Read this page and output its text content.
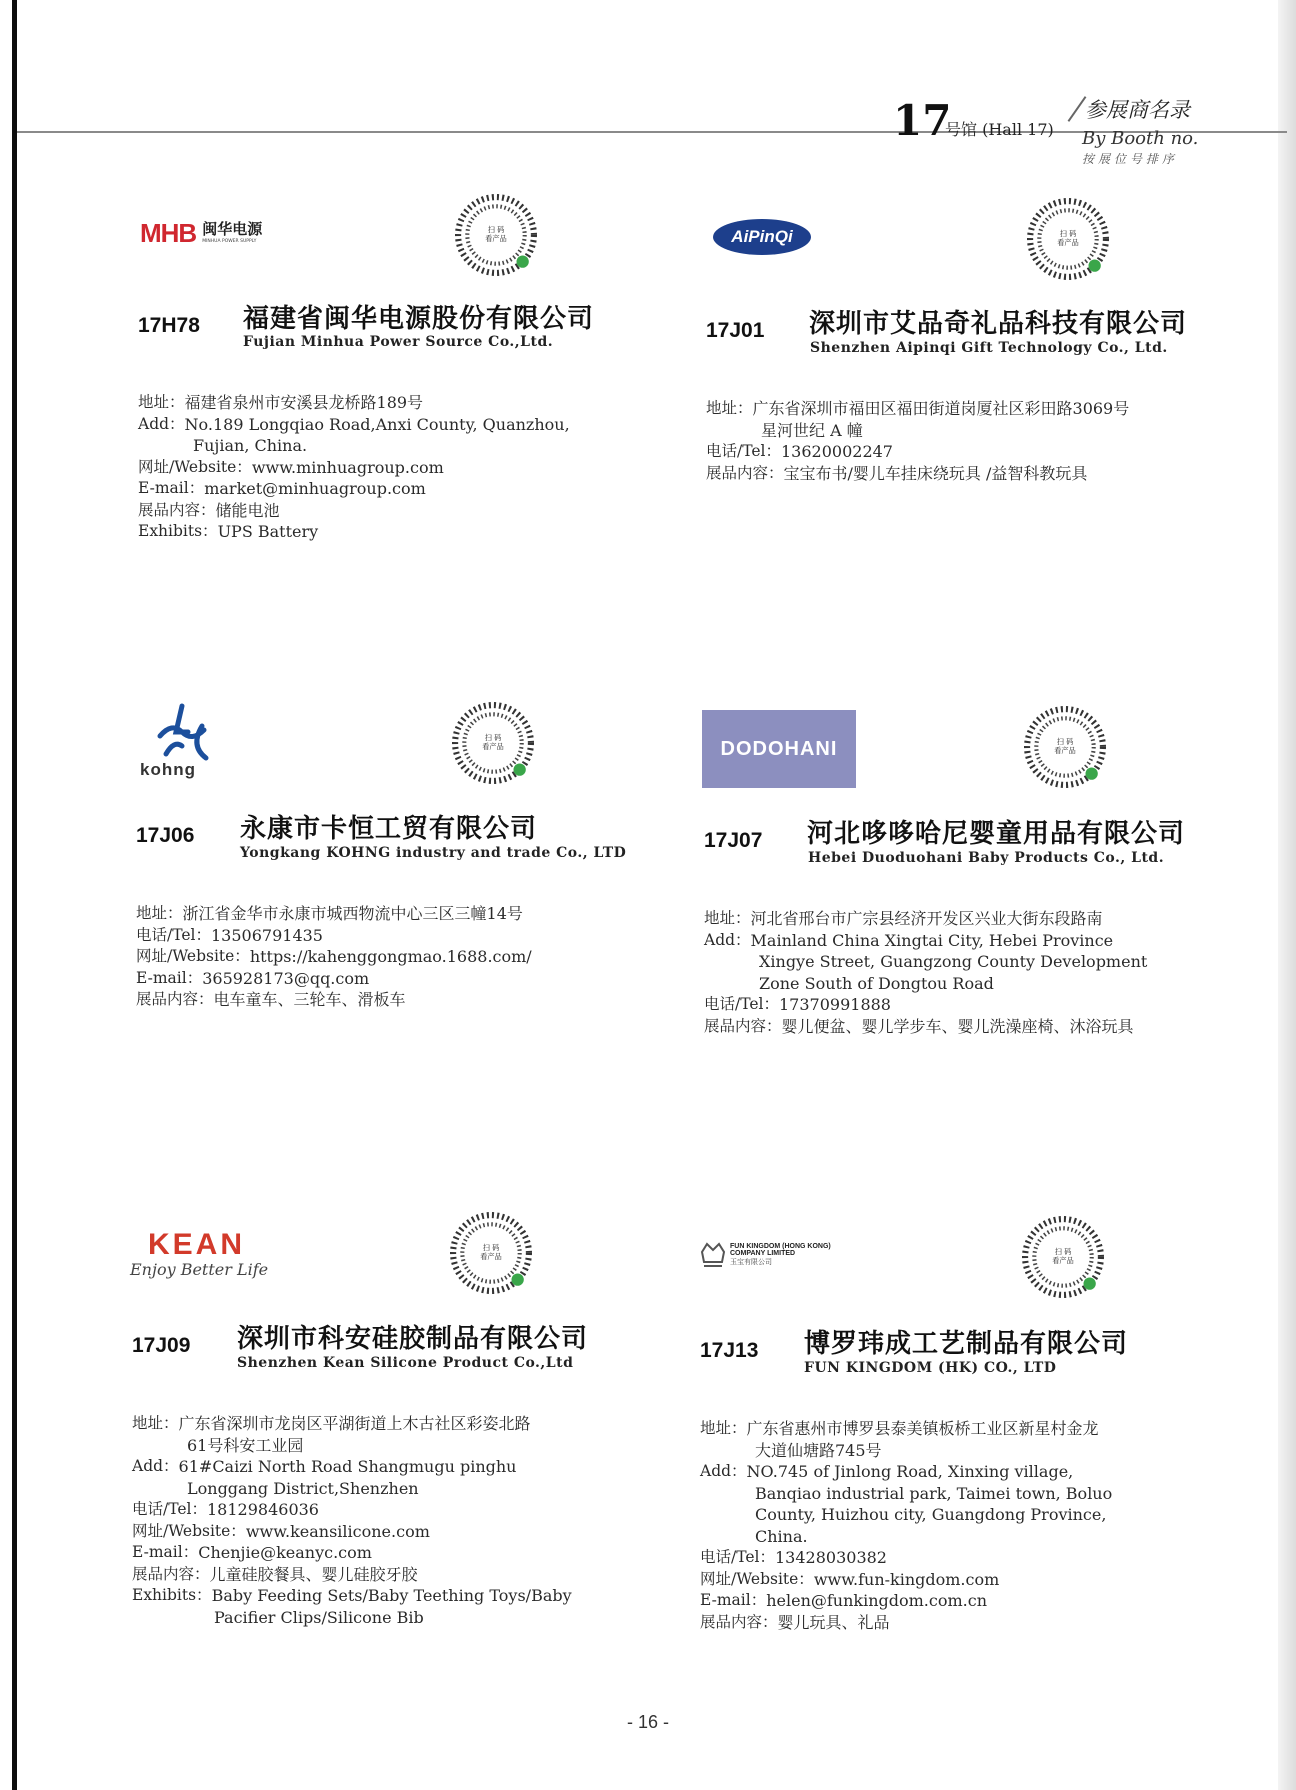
17
号馆 (Hall 17)
参展商名录
By Booth no.
按展位号排序
MHB 闽华电源
MINHUA POWER SUPPLY
扫 码
看产品
17H78 福建省闽华电源股份有限公司
Fujian Minhua Power Source Co.,Ltd.
地址： 福建省泉州市安溪县龙桥路189号
Add： No.189 Longqiao Road,Anxi County, Quanzhou,
Fujian, China.
网址/Website： www.minhuagroup.com
E-mail： market@minhuagroup.com
展品内容： 储能电池
Exhibits： UPS Battery
AiPinQi	扫 码
看产品
17J01 深圳市艾品奇礼品科技有限公司
Shenzhen Aipinqi Gift Technology Co., Ltd.
地址： 广东省深圳市福田区福田街道岗厦社区彩田路3069号
星河世纪 A 幢
电话/Tel： 13620002247
展品内容： 宝宝布书/婴儿车挂床绕玩具 /益智科教玩具
kohng
扫 码
看产品
17J06 永康市卡恒工贸有限公司
Yongkang KOHNG industry and trade Co., LTD
地址： 浙江省金华市永康市城西物流中心三区三幢14号
电话/Tel： 13506791435
网址/Website： https://kahenggongmao.1688.com/
E-mail： 365928173@qq.com
展品内容： 电车童车、三轮车、滑板车
DODOHANI	扫 码
看产品
17J07 河北哆哆哈尼婴童用品有限公司
Hebei Duoduohani Baby Products Co., Ltd.
地址： 河北省邢台市广宗县经济开发区兴业大街东段路南
Add： Mainland China Xingtai City, Hebei Province
Xingye Street, Guangzong County Development
Zone South of Dongtou Road
电话/Tel： 17370991888
展品内容： 婴儿便盆、婴儿学步车、婴儿洗澡座椅、沐浴玩具
KEAN
Enjoy Better Life
扫 码
看产品
17J09 深圳市科安硅胶制品有限公司
Shenzhen Kean Silicone Product Co.,Ltd
地址： 广东省深圳市龙岗区平湖街道上木古社区彩姿北路
61号科安工业园
Add： 61#Caizi North Road Shangmugu pinghu
Longgang District,Shenzhen
电话/Tel： 18129846036
网址/Website： www.keansilicone.com
E-mail： Chenjie@keanyc.com
展品内容： 儿童硅胶餐具、婴儿硅胶牙胶
Exhibits： Baby Feeding Sets/Baby Teething Toys/Baby
Pacifier Clips/Silicone Bib
FUN KINGDOM (HONG KONG)
COMPANY LIMITED
玉宝有限公司
扫 码
看产品
17J13 博罗玮成工艺制品有限公司
FUN KINGDOM (HK) CO., LTD
地址： 广东省惠州市博罗县泰美镇板桥工业区新星村金龙
大道仙塘路745号
Add： NO.745 of Jinlong Road, Xinxing village,
Banqiao industrial park, Taimei town, Boluo
County, Huizhou city, Guangdong Province,
China.
电话/Tel： 13428030382
网址/Website： www.fun-kingdom.com
E-mail： helen@funkingdom.com.cn
展品内容： 婴儿玩具、礼品
- 16 -
